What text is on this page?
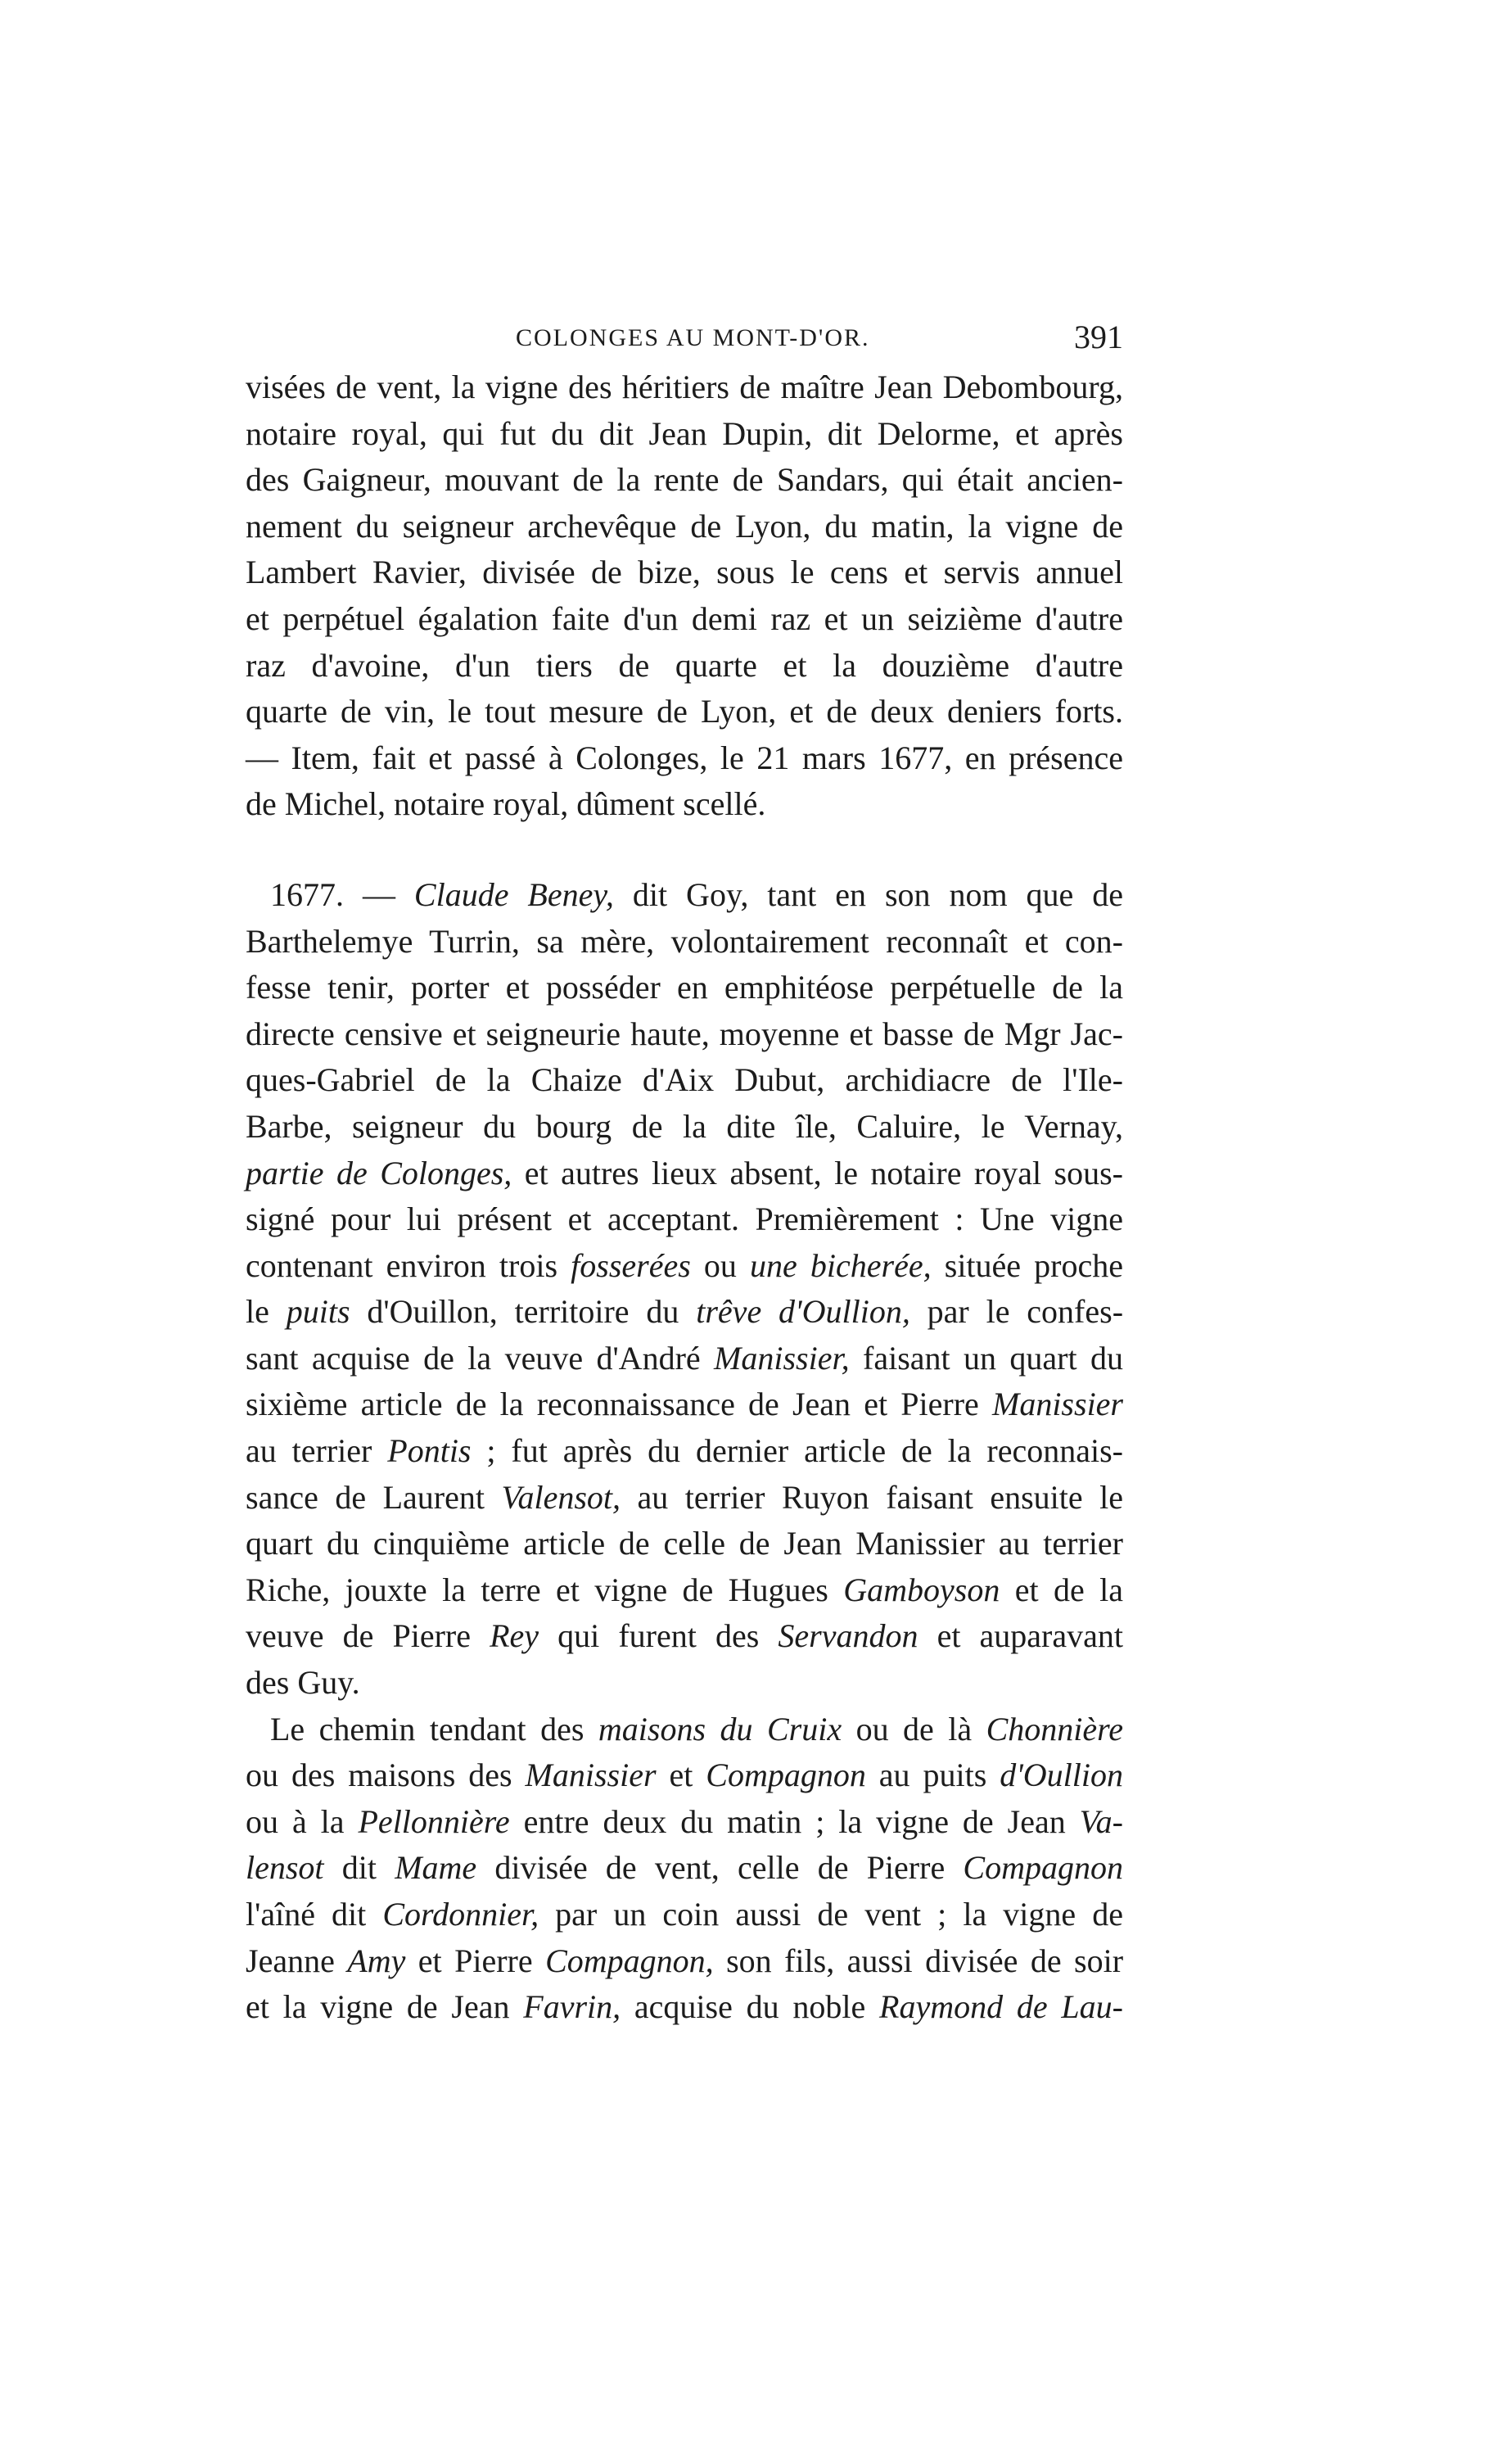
COLONGES AU MONT-D'OR.	391
visées de vent, la vigne des héritiers de maître Jean Debombourg,
notaire royal, qui fut du dit Jean Dupin, dit Delorme, et après
des Gaigneur, mouvant de la rente de Sandars, qui était ancien-
nement du seigneur archevêque de Lyon, du matin, la vigne de
Lambert Ravier, divisée de bize, sous le cens et servis annuel
et perpétuel égalation faite d'un demi raz et un seizième d'autre
raz d'avoine, d'un tiers de quarte et la douzième d'autre
quarte de vin, le tout mesure de Lyon, et de deux deniers forts.
— Item, fait et passé à Colonges, le 21 mars 1677, en présence
de Michel, notaire royal, dûment scellé.
1677. — Claude Beney, dit Goy, tant en son nom que de
Barthelemye Turrin, sa mère, volontairement reconnaît et con-
fesse tenir, porter et posséder en emphitéose perpétuelle de la
directe censive et seigneurie haute, moyenne et basse de Mgr Jac-
ques-Gabriel de la Chaize d'Aix Dubut, archidiacre de l'Ile-
Barbe, seigneur du bourg de la dite île, Caluire, le Vernay,
partie de Colonges, et autres lieux absent, le notaire royal sous-
signé pour lui présent et acceptant. Premièrement : Une vigne
contenant environ trois fosserées ou une bicherée, située proche
le puits d'Ouillon, territoire du trêve d'Oullion, par le confes-
sant acquise de la veuve d'André Manissier, faisant un quart du
sixième article de la reconnaissance de Jean et Pierre Manissier
au terrier Pontis ; fut après du dernier article de la reconnais-
sance de Laurent Valensot, au terrier Ruyon faisant ensuite le
quart du cinquième article de celle de Jean Manissier au terrier
Riche, jouxte la terre et vigne de Hugues Gamboyson et de la
veuve de Pierre Rey qui furent des Servandon et auparavant
des Guy.
Le chemin tendant des maisons du Cruix ou de là Chonnière
ou des maisons des Manissier et Compagnon au puits d'Oullion
ou à la Pellonnière entre deux du matin ; la vigne de Jean Va-
lensot dit Mame divisée de vent, celle de Pierre Compagnon
l'aîné dit Cordonnier, par un coin aussi de vent ; la vigne de
Jeanne Amy et Pierre Compagnon, son fils, aussi divisée de soir
et la vigne de Jean Favrin, acquise du noble Raymond de Lau-
